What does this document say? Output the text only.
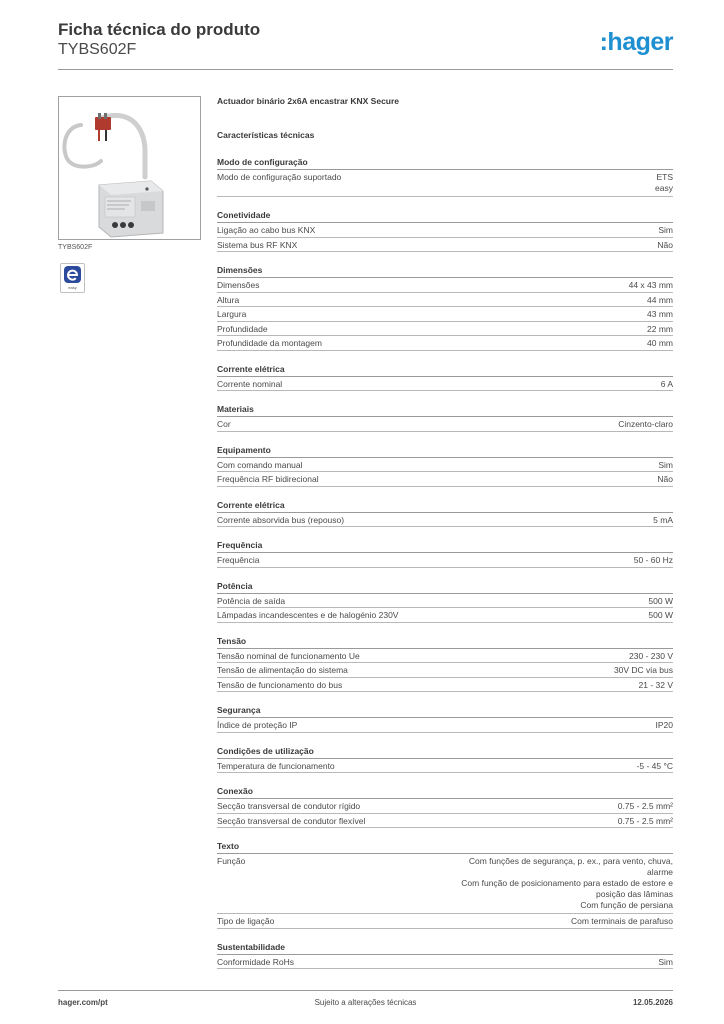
Ficha técnica do produto
TYBS602F	:hager
TYBS602F
easy
Actuador binário 2x6A encastrar KNX Secure
Características técnicas
Modo de configuração
Modo de configuração suportado	ETS
easy
Conetividade
Ligação ao cabo bus KNX	Sim
Sistema bus RF KNX	Não
Dimensões
Dimensões	44 x 43 mm
Altura	44 mm
Largura	43 mm
Profundidade	22 mm
Profundidade da montagem	40 mm
Corrente elétrica
Corrente nominal	6 A
Materiais
Cor	Cinzento-claro
Equipamento
Com comando manual	Sim
Frequência RF bidirecional	Não
Corrente elétrica
Corrente absorvida bus (repouso)	5 mA
Frequência
Frequência	50 - 60 Hz
Potência
Potência de saída	500 W
Lâmpadas incandescentes e de halogénio 230V	500 W
Tensão
Tensão nominal de funcionamento Ue	230 - 230 V
Tensão de alimentação do sistema	30V DC via bus
Tensão de funcionamento do bus	21 - 32 V
Segurança
Índice de proteção IP	IP20
Condições de utilização
Temperatura de funcionamento	-5 - 45 °C
Conexão
Secção transversal de condutor rígido	0.75 - 2.5 mm²
Secção transversal de condutor flexível	0.75 - 2.5 mm²
Texto
Função	Com funções de segurança, p. ex., para vento, chuva,
alarme
Com função de posicionamento para estado de estore e
posição das lâminas
Com função de persiana
Tipo de ligação	Com terminais de parafuso
Sustentabilidade
Conformidade RoHs	Sim
hager.com/pt	Sujeito a alterações técnicas	12.05.2026
